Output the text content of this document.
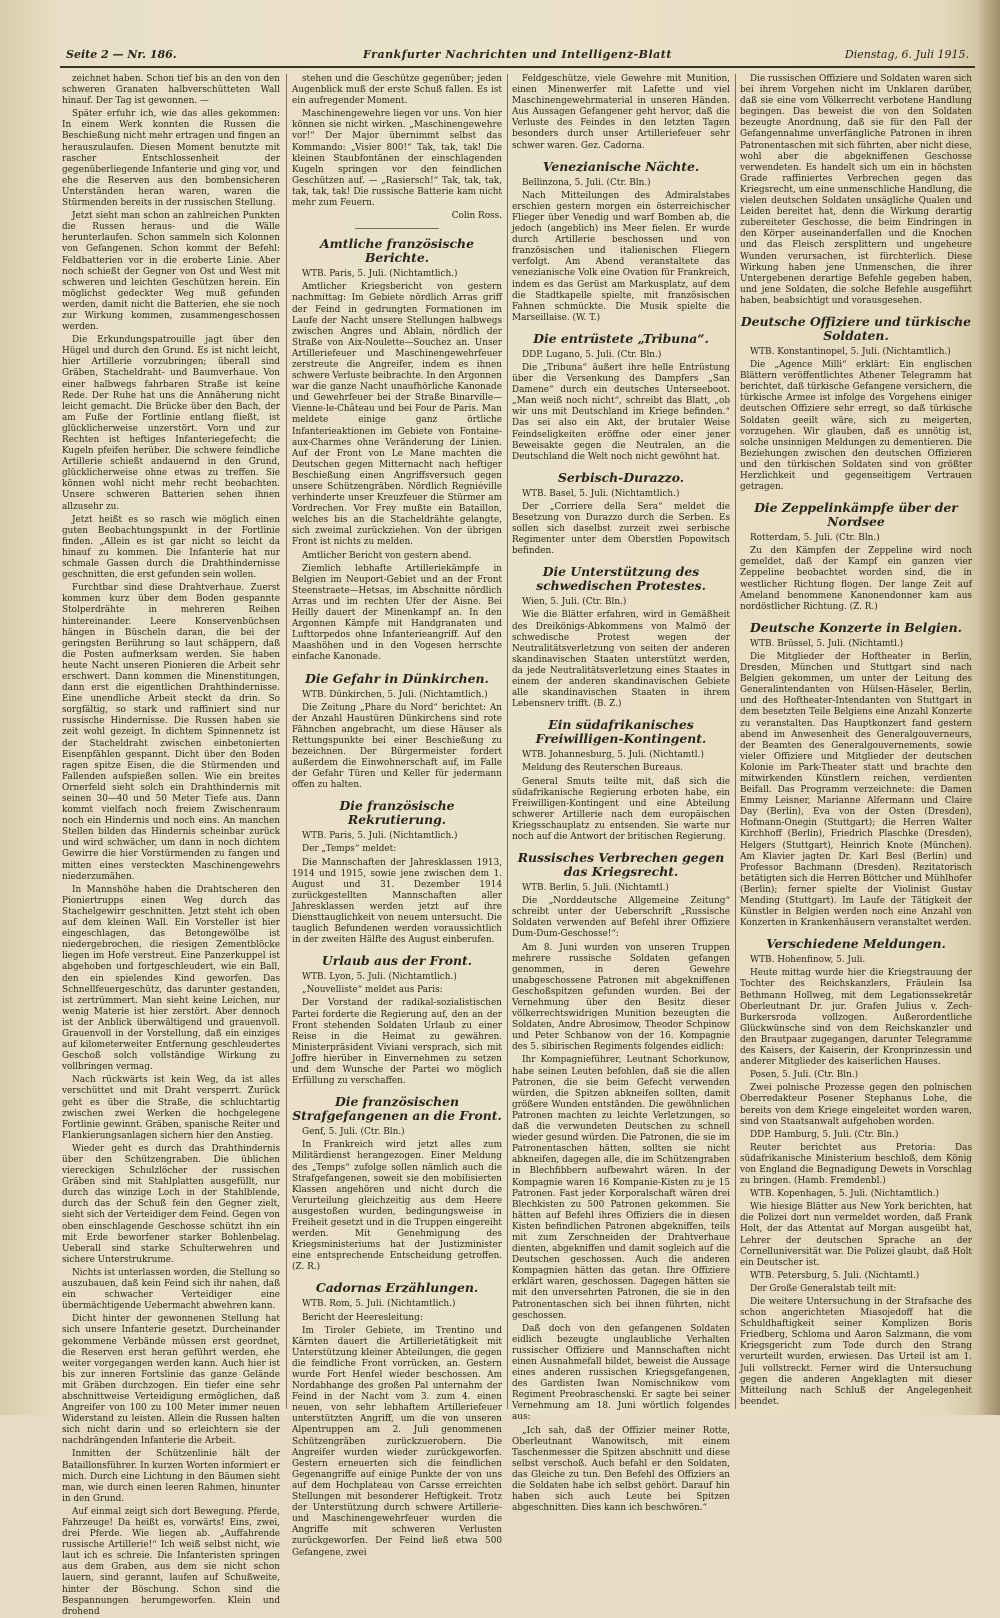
Seite 2 — Nr. 186.	Frankfurter Nachrichten und Intelligenz-Blatt	Dienstag, 6. Juli 1915.

zeichnet haben. Schon tief bis an den von den schweren Granaten halbverschütteten Wall hinauf. Der Tag ist gewonnen. —

Später erfuhr ich, wie das alles gekommen: In einem Werk konnten die Russen die Beschießung nicht mehr ertragen und fingen an herauszulaufen. Diesen Moment benutzte mit rascher Entschlossenheit der gegenüberliegende Infanterie und ging vor, und ehe die Reserven aus den bombensicheren Unterständen heran waren, waren die Stürmenden bereits in der russischen Stellung.

Jetzt sieht man schon an zahlreichen Punkten die Russen heraus- und die Wälle herunterlaufen. Schon sammeln sich Kolonnen von Gefangenen. Schon kommt der Befehl: Feldbatterien vor in die eroberte Linie. Aber noch schießt der Gegner von Ost und West mit schweren und leichten Geschützen herein. Ein möglichst gedeckter Weg muß gefunden werden, damit nicht die Batterien, ehe sie noch zur Wirkung kommen, zusammengeschossen werden.

Die Erkundungspatrouille jagt über den Hügel und durch den Grund. Es ist nicht leicht, hier Artillerie vorzubringen; überall sind Gräben, Stacheldraht- und Baumverhaue. Von einer halbwegs fahrbaren Straße ist keine Rede. Der Ruhe hat uns die Annäherung nicht leicht gemacht. Die Brücke über den Bach, der am Fuße der Fortlinie entlang fließt, ist glücklicherweise unzerstört. Vorn und zur Rechten ist heftiges Infanteriegefecht; die Kugeln pfeifen herüber. Die schwere feindliche Artillerie schießt andauernd in den Grund, glücklicherweise ohne etwas zu treffen. Sie können wohl nicht mehr recht beobachten. Unsere schweren Batterien sehen ihnen allzusehr zu.

Jetzt heißt es so rasch wie möglich einen guten Beobachtungspunkt in der Fortlinie finden. „Allein es ist gar nicht so leicht da hinauf zu kommen. Die Infanterie hat nur schmale Gassen durch die Drahthindernisse geschnitten, die erst gefunden sein wollen.

Furchtbar sind diese Drahtverhaue. Zuerst kommen kurz über dem Boden gespannte Stolperdrähte in mehreren Reihen hintereinander. Leere Konservenbüchsen hängen in Büscheln daran, die bei der geringsten Berührung so laut schäppern, daß die Posten aufmerksam werden. Sie haben heute Nacht unseren Pionieren die Arbeit sehr erschwert. Dann kommen die Minenstitungen, dann erst die eigentlichen Drahthindernisse. Eine unendliche Arbeit steckt da drin. So sorgfältig, so stark und raffiniert sind nur russische Hindernisse. Die Russen haben sie zeit wohl gezeigt. In dichtem Spinnennetz ist der Stacheldraht zwischen einbetonierten Eisenpfählen gespannt. Dicht über den Boden ragen spitze Eisen, die die Stürmenden und Fallenden aufspießen sollen. Wie ein breites Ornerfeld sieht solch ein Drahthindernis mit seinen 30—40 und 50 Meter Tiefe aus. Dann kommt vielfach noch freiem Zwischenraum noch ein Hindernis und noch eins. An manchen Stellen bilden das Hindernis scheinbar zurück und wird schwächer, um dann in noch dichtem Gewirre die hier Vorstürmenden zu fangen und mitten eines versteckten Maschinengewehrs niederzumähen.

In Mannshöhe haben die Drahtscheren den Pioniertrupps einen Weg durch das Stachelgewirr geschnitten. Jetzt steht ich oben auf dem kleinen Wall. Ein Vorsteller ist hier eingeschlagen, das Betongewölbe ist niedergebrochen, die riesigen Zementblöcke liegen im Hofe verstreut. Eine Panzerkuppel ist abgehoben und fortgeschleudert, wie ein Ball, den ein spielendes Kind geworfen. Das Schnellfeuergeschütz, das darunter gestanden, ist zertrümmert. Man sieht keine Leichen, nur wenig Materie ist hier zerstört. Aber dennoch ist der Anblick überwältigend und grauenvoll. Grauenvoll in der Vorstellung, daß ein einziges auf kilometerweiter Entfernung geschleudertes Geschoß solch vollständige Wirkung zu vollbringen vermag.

Nach rückwärts ist kein Weg, da ist alles verschüttet und mit Draht versperrt. Zurück geht es über die Straße, die schluchtartig zwischen zwei Werken die hochgelegene Fortlinie gewinnt. Gräben, spanische Reiter und Flankierungsanlagen sichern hier den Anstieg.

Wieder geht es durch das Drahthindernis über den Schützengraben. Die üblichen viereckigen Schulzlöcher der russischen Gräben sind mit Stahlplatten ausgefüllt, nur durch das winzige Loch in der Stahlblende, durch das der Schuß fein den Gegner zielt, sieht sich der Verteidiger dem Feind. Gegen von oben einschlagende Geschosse schützt ihn ein mit Erde beworfener starker Bohlenbelag. Ueberall sind starke Schulterwehren und sichere Unterstrukrume.

Nichts ist unterlassen worden, die Stellung so auszubauen, daß kein Feind sich ihr nahen, daß ein schwacher Verteidiger eine übermächtigende Uebermacht abwehren kann.

Dicht hinter der gewonnenen Stellung hat sich unsere Infanterie gesetzt. Durcheinander gekommene Verbände müssen erst geordnet, die Reserven erst heran geführt werden, ehe weiter vorgegangen werden kann. Auch hier ist bis zur inneren Fortslinie das ganze Gelände mit Gräben durchzogen. Ein tiefer eine sehr abschnittweise Verteidigung ermöglichen, daß Angreifer von 100 zu 100 Meter immer neuen Widerstand zu leisten. Allein die Russen halten sich nicht darin und so erleichtern sie der nachdrängenden Infanterie die Arbeit.

Inmitten der Schützenlinie hält der Bataillonsführer. In kurzen Worten informiert er mich. Durch eine Lichtung in den Bäumen sieht man, wie durch einen leeren Rahmen, hinunter in den Grund.

Auf einmal zeigt sich dort Bewegung. Pferde, Fahrzeuge! Da heißt es, vorwärts! Eins, zwei, drei Pferde. Wie liegen ab. „Auffahrende russische Artillerie!“ Ich weiß selbst nicht, wie laut ich es schreie. Die Infanteristen springen aus dem Graben, aus dem sie nicht schon lauern, sind gerannt, laufen auf Schußweite, hinter der Böschung. Schon sind die Bespannungen herumgeworfen. Klein und drohend

stehen und die Geschütze gegenüber; jeden Augenblick muß der erste Schuß fallen. Es ist ein aufregender Moment.

Maschinengewehre liegen vor uns. Von hier können sie nicht wirken. „Maschinengewehre vor!“ Der Major übernimmt selbst das Kommando: „Visier 800!“ Tak, tak, tak! Die kleinen Staubfontänen der einschlagenden Kugeln springen vor den feindlichen Geschützen auf. — „Rasiersch!“ Tak, tak, tak, tak, tak, tak! Die russische Batterie kam nicht mehr zum Feuern.

Colin Ross.

Amtliche französische Berichte.

WTB. Paris, 5. Juli. (Nichtamtlich.)

Amtlicher Kriegsbericht von gestern nachmittag: Im Gebiete nördlich Arras griff der Feind in gedrungten Formationen im Laufe der Nacht unsere Stellungen halbwegs zwischen Angres und Ablain, nördlich der Straße von Aix-Noulette—Souchez an. Unser Artilleriefeuer und Maschinengewehrfeuer zerstreute die Angreifer, indem es ihnen schwere Verluste beibrachte. In den Argonnen war die ganze Nacht unaufhörliche Kanonade und Gewehrfeuer bei der Straße Binarville—Vienne-le-Château und bei Four de Paris. Man meldete einige ganz örtliche Infanterieaktionen im Gebiete von Fontaine-aux-Charmes ohne Veränderung der Linien. Auf der Front von Le Mane machten die Deutschen gegen Mitternacht nach heftiger Beschießung einen Angriffsversuch gegen unsere Schützengräben. Nördlich Regniéville verhinderte unser Kreuzfeuer die Stürmer am Vordrechen. Vor Frey mußte ein Bataillon, welches bis an die Stacheldrähte gelangte, sich zweimal zurückziehen. Von der übrigen Front ist nichts zu melden.

Amtlicher Bericht von gestern abend.

Ziemlich lebhafte Artilleriekämpfe in Belgien im Neuport-Gebiet und an der Front Steenstraete—Hetsas, im Abschnitte nördlich Arras und im rechten Ufer der Aisne. Bei Heilly dauert der Minenkampf an. In den Argonnen Kämpfe mit Handgranaten und Lufttorpedos ohne Infanterieangriff. Auf den Maashöhen und in den Vogesen herrschte einfache Kanonade.

Die Gefahr in Dünkirchen.

WTB. Dünkirchen, 5. Juli. (Nichtamtlich.)

Die Zeitung „Phare du Nord“ berichtet: An der Anzahl Haustüren Dünkirchens sind rote Fähnchen angebracht, um diese Häuser als Rettungspunkte bei einer Beschießung zu bezeichnen. Der Bürgermeister fordert außerdem die Einwohnerschaft auf, im Falle der Gefahr Türen und Keller für jedermann offen zu halten.

Die französische Rekrutierung.

WTB. Paris, 5. Juli. (Nichtamtlich.)

Der „Temps“ meldet:

Die Mannschaften der Jahresklassen 1913, 1914 und 1915, sowie jene zwischen dem 1. August und 31. Dezember 1914 zurückgestellten Mannschaften aller Jahresklassen werden jetzt auf ihre Diensttauglichkeit von neuem untersucht. Die tauglich Befundenen werden voraussichtlich in der zweiten Hälfte des August einberufen.

Urlaub aus der Front.

WTB. Lyon, 5. Juli. (Nichtamtlich.)

„Nouvelliste“ meldet aus Paris:

Der Vorstand der radikal-sozialistischen Partei forderte die Regierung auf, den an der Front stehenden Soldaten Urlaub zu einer Reise in die Heimat zu gewähren. Ministerpräsident Viviani versprach, sich mit Joffre hierüber in Einvernehmen zu setzen und dem Wunsche der Partei wo möglich Erfüllung zu verschaffen.

Die französischen Strafgefangenen an die Front.

Genf, 5. Juli. (Ctr. Bln.)

In Frankreich wird jetzt alles zum Militärdienst herangezogen. Einer Meldung des „Temps“ zufolge sollen nämlich auch die Strafgefangenen, soweit sie den mobilisierten Klassen angehören und nicht durch die Verurteilung gleichzeitig aus dem Heere ausgestoßen wurden, bedingungsweise in Freiheit gesetzt und in die Truppen eingereiht werden. Mit Genehmigung des Kriegsministeriums hat der Justizminister eine entsprechende Entscheidung getroffen. (Z. R.)

Cadornas Erzählungen.

WTB. Rom, 5. Juli. (Nichtamtlich.)

Bericht der Heeresleitung:

Im Tiroler Gebiete, im Trentino und Kärnten dauert die Artillerietätigkeit mit Unterstützung kleiner Abteilungen, die gegen die feindliche Front vorrücken, an. Gestern wurde Fort Henfel wieder beschossen. Am Nordabhange des großen Pal unternahm der Feind in der Nacht vom 3. zum 4. einen neuen, von sehr lebhaftem Artilleriefeuer unterstützten Angriff, um die von unseren Alpentruppen am 2. Juli genommenen Schützengräben zurückzuerobern. Die Angreifer wurden wieder zurückgeworfen. Gestern erneuerten sich die feindlichen Gegenangriffe auf einige Punkte der von uns auf dem Hochplateau von Carsse erreichten Stellungen mit besonderer Heftigkeit. Trotz der Unterstützung durch schwere Artillerie- und Maschinengewehrfeuer wurden die Angriffe mit schweren Verlusten zurückgeworfen. Der Feind ließ etwa 500 Gefangene, zwei

Feldgeschütze, viele Gewehre mit Munition, einen Minenwerfer mit Lafette und viel Maschinengewehrmaterial in unseren Händen. Aus Aussagen Gefangener geht hervor, daß die Verluste des Feindes in den letzten Tagen besonders durch unser Artilleriefeuer sehr schwer waren. Gez. Cadorna.

Venezianische Nächte.

Bellinzona, 5. Juli. (Ctr. Bln.)

Nach Mitteilungen des Admiralstabes erschien gestern morgen ein österreichischer Flieger über Venedig und warf Bomben ab, die jedoch (angeblich) ins Meer fielen. Er wurde durch Artillerie beschossen und von französischen und italienischen Fliegern verfolgt. Am Abend veranstaltete das venezianische Volk eine Ovation für Frankreich, indem es das Gerüst am Markusplatz, auf dem die Stadtkapelle spielte, mit französischen Fahnen schmückte. Die Musik spielte die Marseillaise. (W. T.)

Die entrüstete „Tribuna“.

DDP. Lugano, 5. Juli. (Ctr. Bln.)

Die „Tribuna“ äußert ihre helle Entrüstung über die Versenkung des Dampfers „San Damene“ durch ein deutsches Unterseeboot. „Man weiß noch nicht“, schreibt das Blatt, „ob wir uns mit Deutschland im Kriege befinden.“ Das sei also ein Akt, der brutaler Weise Feindseligkeiten eröffne oder einer jener Beweisakte gegen die Neutralen, an die Deutschland die Welt noch nicht gewöhnt hat.

Serbisch-Durazzo.

WTB. Basel, 5. Juli. (Nichtamtlich.)

Der „Corriere della Sera“ meldet die Besetzung von Durazzo durch die Serben. Es sollen sich daselbst zurzeit zwei serbische Regimenter unter dem Oberstlen Popowitsch befinden.

Die Unterstützung des schwedischen Protestes.

Wien, 5. Juli. (Ctr. Bln.)

Wie die Blätter erfahren, wird in Gemäßheit des Dreikönigs-Abkommens von Malmö der schwedische Protest wegen der Neutralitätsverletzung von seiten der anderen skandinavischen Staaten unterstützt werden, da jede Neutralitätsverletzung eines Staates in einem der anderen skandinavischen Gebiete alle skandinavischen Staaten in ihrem Lebensnerv trifft. (B. Z.)

Ein südafrikanisches Freiwilligen-Kontingent.

WTB. Johannesburg, 5. Juli. (Nichtamtl.)

Meldung des Reuterschen Bureaus.

General Smuts teilte mit, daß sich die südafrikanische Regierung erboten habe, ein Freiwilligen-Kontingent und eine Abteilung schwerer Artillerie nach dem europäischen Kriegsschauplatz zu entsenden. Sie warte nur noch auf die Antwort der britischen Regierung.

Russisches Verbrechen gegen das Kriegsrecht.

WTB. Berlin, 5. Juli. (Nichtamtl.)

Die „Norddeutsche Allgemeine Zeitung“ schreibt unter der Ueberschrift „Russische Soldaten verwenden auf Befehl ihrer Offiziere Dum-Dum-Geschosse!“:

Am 8. Juni wurden von unseren Truppen mehrere russische Soldaten gefangen genommen, in deren Gewehre unabgeschossene Patronen mit abgekniffenen Geschoßspitzen gefunden wurden. Bei der Vernehmung über den Besitz dieser völkerrechtswidrigen Munition bezeugten die Soldaten, Andre Abrosimow, Theodor Schpinow und Peter Schbanow von der 16. Kompagnie des 5. sibirischen Regiments folgendes eidlich:

Ihr Kompagnieführer, Leutnant Schorkunow, habe seinen Leuten befohlen, daß sie die allen Patronen, die sie beim Gefecht verwenden würden, die Spitzen abkneifen sollten, damit größere Wunden entständen. Die gewöhnlichen Patronen machten zu leichte Verletzungen, so daß die verwundeten Deutschen zu schnell wieder gesund würden. Die Patronen, die sie im Patronentaschen hätten, sollten sie nicht abkneifen, dagegen alle, die im Schützengraben in Blechfibbern aufbewahrt wären. In der Kompagnie waren 16 Kompanie-Kisten zu je 15 Patronen. Fast jeder Korporalschaft wären drei Blechkisten zu 500 Patronen gekommen. Sie hätten auf Befehl ihres Offiziers die in diesen Kisten befindlichen Patronen abgekniffen, teils mit zum Zerschneiden der Drahtverhaue dienten, abgekniffen und damit sogleich auf die Deutschen geschossen. Auch die anderen Kompagnien hätten das getan. Ihre Offiziere erklärt waren, geschossen. Dagegen hätten sie mit den unversehrten Patronen, die sie in den Patronentaschen sich bei ihnen führten, nicht geschossen.

Daß doch von den gefangenen Soldaten eidlich bezeugte unglaubliche Verhalten russischer Offiziere und Mannschaften nicht einen Ausnahmefall bildet, beweist die Aussage eines anderen russischen Kriegsgefangenen, des Gardisten Iwan Nomischnikow vom Regiment Preobraschenski. Er sagte bei seiner Vernehmung am 18. Juni wörtlich folgendes aus:

„Ich sah, daß der Offizier meiner Rotte, Oberleutnant Wanowitsch, mit einem Taschenmesser die Spitzen abschnitt und diese selbst verschoß. Auch befahl er den Soldaten, das Gleiche zu tun. Den Befehl des Offiziers an die Soldaten habe ich selbst gehört. Darauf hin haben sich auch Leute bei Spitzen abgeschnitten. Dies kann ich beschwören.“

Die russischen Offiziere und Soldaten waren sich bei ihrem Vorgehen nicht im Unklaren darüber, daß sie eine vom Völkerrecht verbotene Handlung begingen. Das beweist die von den Soldaten bezeugte Anordnung, daß sie für den Fall der Gefangennahme unverfängliche Patronen in ihren Patronentaschen mit sich führten, aber nicht diese, wohl aber die abgekniffenen Geschosse verwendeten. Es handelt sich um ein in höchsten Grade raffiniertes Verbrechen gegen das Kriegsrecht, um eine unmenschliche Handlung, die vielen deutschen Soldaten unsägliche Qualen und Leiden bereitet hat, denn die Wirkung derartig zubereiteter Geschosse, die beim Eindringen in den Körper auseinanderfallen und die Knochen und das Fleisch zersplittern und ungeheure Wunden verursachen, ist fürchterlich. Diese Wirkung haben jene Unmenschen, die ihrer Untergebenen derartige Befehle gegeben haben, und jene Soldaten, die solche Befehle ausgeführt haben, beabsichtigt und vorausgesehen.

Deutsche Offiziere und türkische Soldaten.

WTB. Konstantinopel, 5. Juli. (Nichtamtlich.)

Die „Agence Milli“ erklärt: Ein englischen Blättern veröffentlichtes Athener Telegramm hat berichtet, daß türkische Gefangene versichern, die türkische Armee ist infolge des Vorgehens einiger deutschen Offiziere sehr erregt, so daß türkische Soldaten geeilt wäre, sich zu meigerten, vorzugehen. Wir glauben, daß es unnötig ist, solche unsinnigen Meldungen zu dementieren. Die Beziehungen zwischen den deutschen Offizieren und den türkischen Soldaten sind von größter Herzlichkeit und gegenseitigem Vertrauen getragen.

Die Zeppelinkämpfe über der Nordsee

Rotterdam, 5. Juli. (Ctr. Bln.)

Zu den Kämpfen der Zeppeline wird noch gemeldet, daß der Kampf ein ganzen vier Zeppeline beobachtet worden sind, die in westlicher Richtung flogen. Der lange Zeit auf Ameland benommene Kanonendonner kam aus nordöstlicher Richtung. (Z. R.)

Deutsche Konzerte in Belgien.

WTB. Brüssel, 5. Juli. (Nichtamtl.)

Die Mitglieder der Hoftheater in Berlin, Dresden, München und Stuttgart sind nach Belgien gekommen, um unter der Leitung des Generalintendanten von Hülsen-Häseler, Berlin, und des Hoftheater-Intendanten von Stuttgart in dem besetzten Teile Belgiens eine Anzahl Konzerte zu veranstalten. Das Hauptkonzert fand gestern abend im Anwesenheit des Generalgouverneurs, der Beamten des Generalgouvernements, sowie vieler Offiziere und Mitglieder der deutschen Kolonie im Park-Theater statt und brachte den mitwirkenden Künstlern reichen, verdienten Beifall. Das Programm verzeichnete: die Damen Emmy Leisner, Marianne Alfermann und Claire Day (Berlin), Eva von der Osten (Dresden), Hofmann-Onegin (Stuttgart); die Herren Walter Kirchhoff (Berlin), Friedrich Plaschke (Dresden), Helgers (Stuttgart), Heinrich Knote (München). Am Klavier jagten Dr. Karl Besl (Berlin) und Professor Bachmann (Dresden). Rezitatorisch betätigten sich die Herren Böttcher und Mühlhofer (Berlin); ferner spielte der Violinist Gustav Mending (Stuttgart). Im Laufe der Tätigkeit der Künstler in Belgien werden noch eine Anzahl von Konzerten in Krankenhäusern veranstaltet werden.

Verschiedene Meldungen.

WTB. Hohenfinow, 5. Juli.

Heute mittag wurde hier die Kriegstrauung der Tochter des Reichskanzlers, Fräulein Isa Bethmann Hollweg, mit dem Legationssekretär Oberleutnant Dr. jur. Grafen Julius v. Zech-Burkersroda vollzogen. Außerordentliche Glückwünsche sind von dem Reichskanzler und den Brautpaar zugegangen, darunter Telegramme des Kaisers, der Kaiserin, der Kronprinzessin und anderer Mitglieder des kaiserlichen Hauses.

Posen, 5. Juli. (Ctr. Bln.)

Zwei polnische Prozesse gegen den polnischen Oberredakteur Posener Stephanus Lohe, die bereits von dem Kriege eingeleitet worden waren, sind von Staatsanwalt aufgehoben worden.

DDP. Hamburg, 5. Juli. (Ctr. Bln.)

Reuter berichtet aus Pretoria: Das südafrikanische Ministerium beschloß, dem König von England die Begnadigung Dewets in Vorschlag zu bringen. (Hamb. Fremdenbl.)

WTB. Kopenhagen, 5. Juli. (Nichtamtlich.)

Wie hiesige Blätter aus New York berichten, hat die Polizei dort nun vermeldet worden, daß Frank Holt, der das Attentat auf Morgan ausgeübt hat, Lehrer der deutschen Sprache an der Cornelluniversität war. Die Polizei glaubt, daß Holt ein Deutscher ist.

WTB. Petersburg, 5. Juli. (Nichtamtl.)

Der Große Generalstab teilt mit:

Die weitere Untersuchung in der Strafsache des schon angerichteten Miasojedoff hat die Schuldhaftigkeit seiner Komplizen Boris Friedberg, Schloma und Aaron Salzmann, die vom Kriegsgericht zum Tode durch den Strang verurteilt wurden, erwiesen. Das Urteil ist am 1. Juli vollstreckt. Ferner wird die Untersuchung gegen die anderen Angeklagten mit dieser Mitteilung nach Schluß der Angelegenheit beendet.
